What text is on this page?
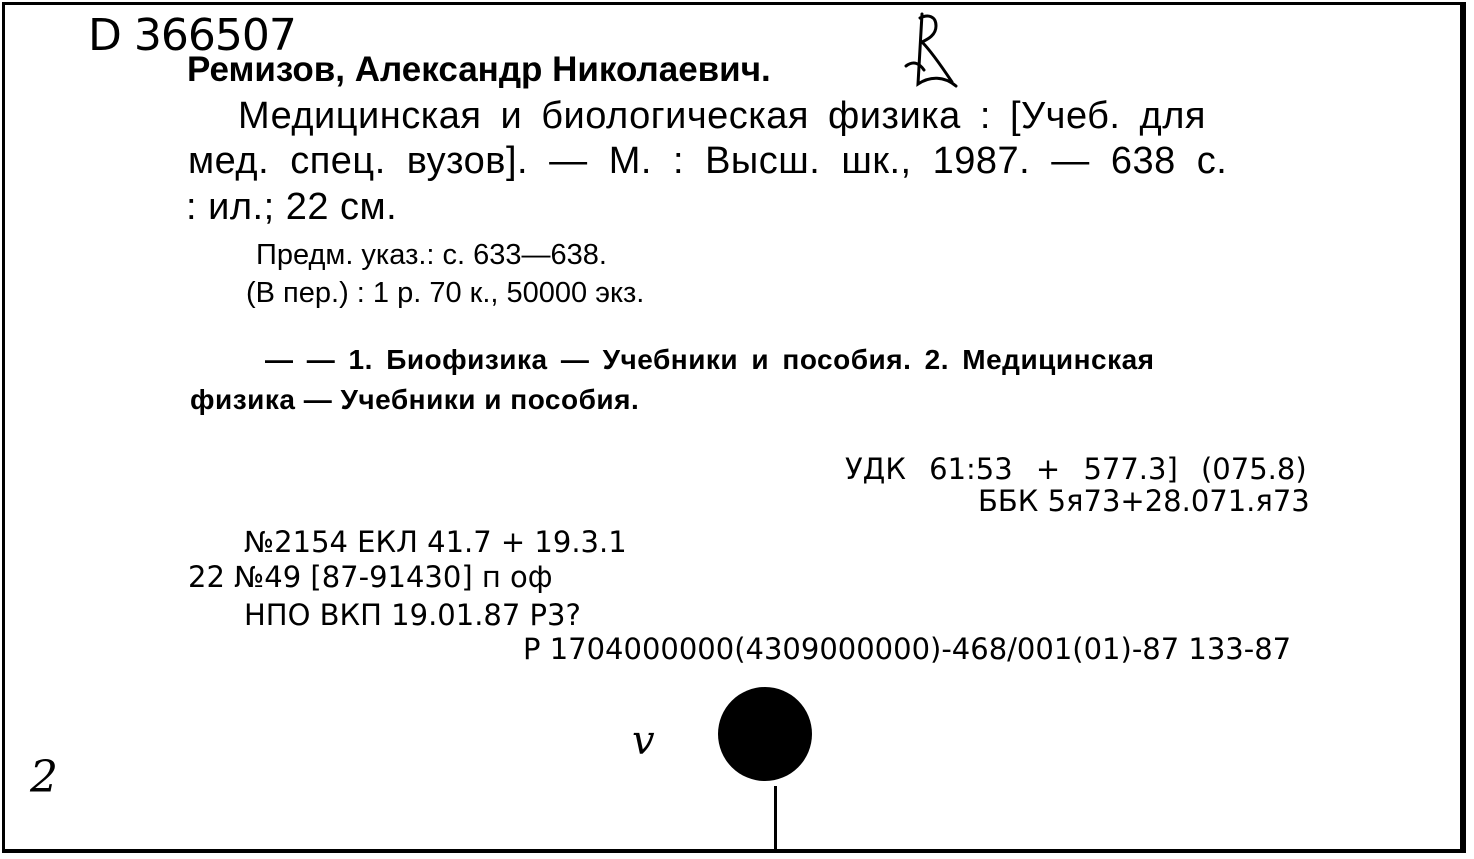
D 366507
Ремизов, Александр Николаевич.
Медицинская и биологическая физика : [Учеб. для
мед. спец. вузов]. — М. : Высш. шк., 1987. — 638 с.
: ил.; 22 см.
Предм. указ.: с. 633—638.
(В пер.) : 1 р. 70 к., 50000 экз.
— — 1. Биофизика — Учебники и пособия. 2. Медицинская
физика — Учебники и пособия.
УДК 61:53 + 577.3] (075.8)
ББК 5я73+28.071.я73
№2154 ЕКЛ 41.7 + 19.3.1
22 №49 [87-91430] п оф
НПО ВКП 19.01.87 Р3?
Р 1704000000(4309000000)-468/001(01)-87 133-87
2
v
